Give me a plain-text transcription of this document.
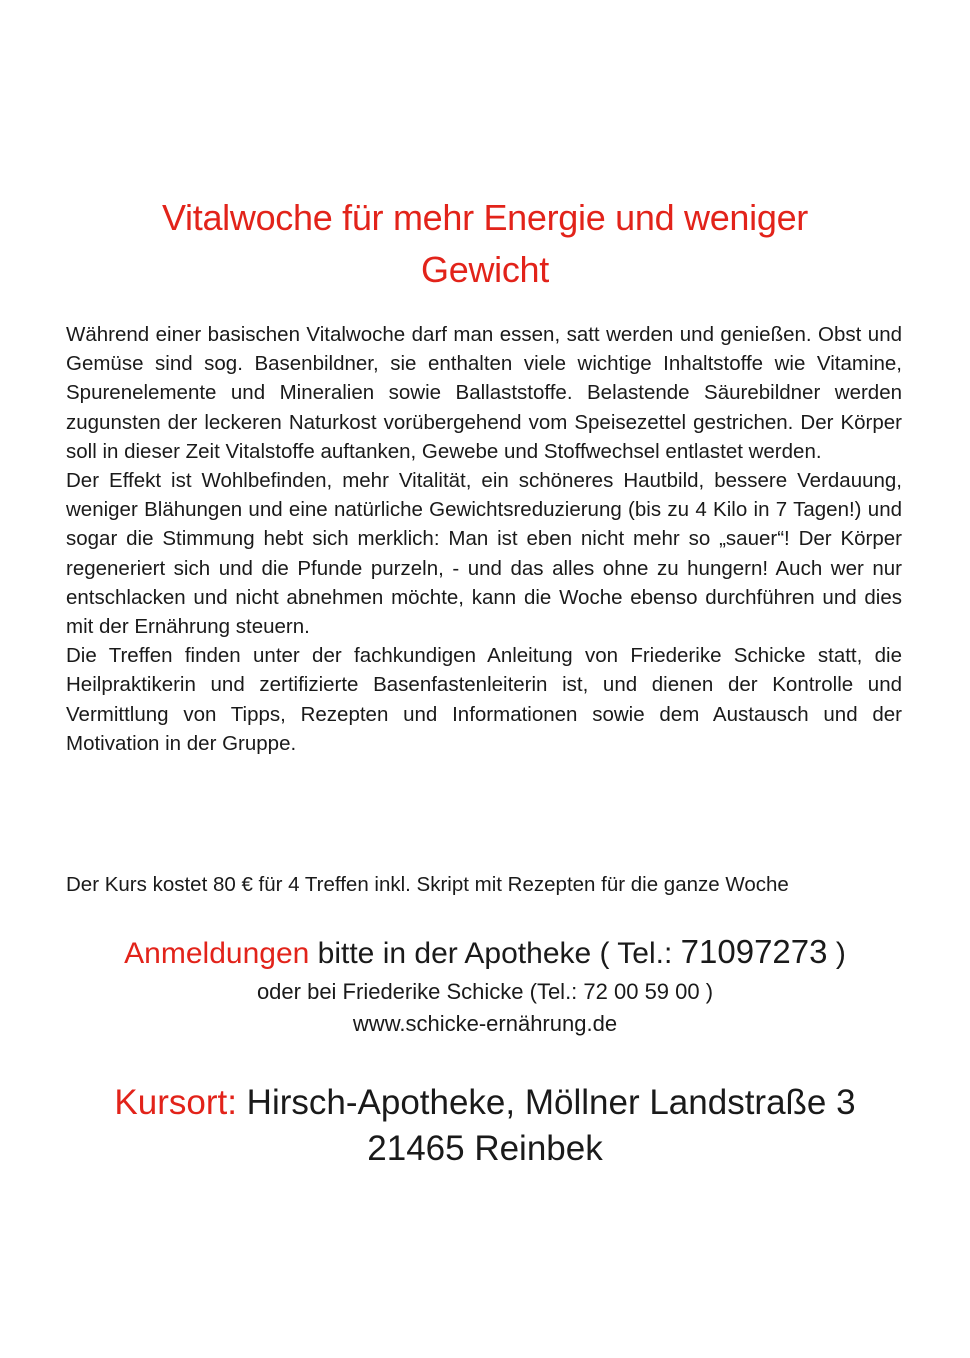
Vitalwoche für mehr Energie und weniger
Gewicht

Während einer basischen Vitalwoche darf man essen, satt werden und genießen. Obst und Gemüse sind sog. Basenbildner, sie enthalten viele wichtige Inhaltstoffe wie Vitamine, Spurenelemente und Mineralien sowie Ballaststoffe. Belastende Säurebildner werden zugunsten der leckeren Naturkost vorübergehend vom Speisezettel gestrichen. Der Körper soll in dieser Zeit Vitalstoffe auftanken, Gewebe und Stoffwechsel entlastet werden.

Der Effekt ist Wohlbefinden, mehr Vitalität, ein schöneres Hautbild, bessere Verdauung, weniger Blähungen und eine natürliche Gewichtsreduzierung (bis zu 4 Kilo in 7 Tagen!) und sogar die Stimmung hebt sich merklich: Man ist eben nicht mehr so „sauer“! Der Körper regeneriert sich und die Pfunde purzeln, - und das alles ohne zu hungern! Auch wer nur entschlacken und nicht abnehmen möchte, kann die Woche ebenso durchführen und dies mit der Ernährung steuern.

Die Treffen finden unter der fachkundigen Anleitung von Friederike Schicke statt, die Heilpraktikerin und zertifizierte Basenfastenleiterin ist, und dienen der Kontrolle und Vermittlung von Tipps, Rezepten und Informationen sowie dem Austausch und der Motivation in der Gruppe.

Der Kurs kostet 80 € für 4 Treffen inkl. Skript mit Rezepten für die ganze Woche
Anmeldungen bitte in der Apotheke ( Tel.: 71097273 )
oder bei Friederike Schicke (Tel.: 72 00 59 00 )
www.schicke-ernährung.de
Kursort: Hirsch-Apotheke, Möllner Landstraße 3
21465 Reinbek
